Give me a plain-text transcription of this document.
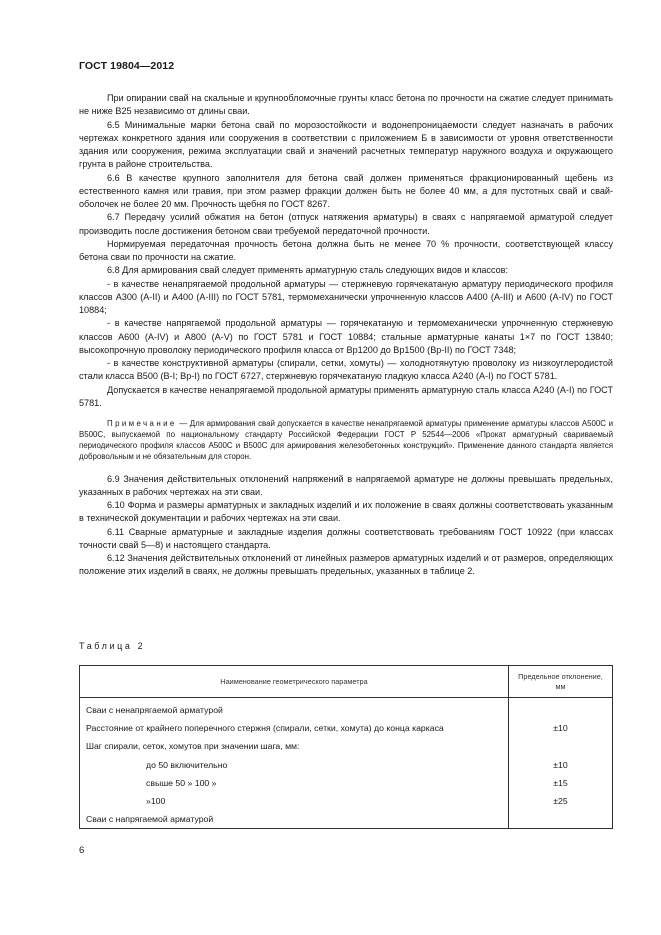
ГОСТ 19804—2012

При опирании свай на скальные и крупнообломочные грунты класс бетона по прочности на сжатие следует принимать не ниже В25 независимо от длины сваи.

6.5 Минимальные марки бетона свай по морозостойкости и водонепроницаемости следует назначать в рабочих чертежах конкретного здания или сооружения в соответствии с приложением Б в зависимости от уровня ответственности здания или сооружения, режима эксплуатации свай и значений расчетных температур наружного воздуха и окружающего грунта в районе строительства.

6.6 В качестве крупного заполнителя для бетона свай должен применяться фракционированный щебень из естественного камня или гравия, при этом размер фракции должен быть не более 40 мм, а для пустотных свай и свай-оболочек не более 20 мм. Прочность щебня по ГОСТ 8267.

6.7 Передачу усилий обжатия на бетон (отпуск натяжения арматуры) в сваях с напрягаемой арматурой следует производить после достижения бетоном сваи требуемой передаточной прочности.

Нормируемая передаточная прочность бетона должна быть не менее 70 % прочности, соответствующей классу бетона сваи по прочности на сжатие.

6.8 Для армирования свай следует применять арматурную сталь следующих видов и классов:

- в качестве ненапрягаемой продольной арматуры — стержневую горячекатаную арматуру периодического профиля классов А300 (А-II) и А400 (А-III) по ГОСТ 5781, термомеханически упрочненную классов А400 (А-III) и А600 (А-IV) по ГОСТ 10884;

- в качестве напрягаемой продольной арматуры — горячекатаную и термомеханически упрочненную стержневую классов А600 (А-IV) и А800 (А-V) по ГОСТ 5781 и ГОСТ 10884; стальные арматурные канаты 1×7 по ГОСТ 13840; высокопрочную проволоку периодического профиля класса от Вр1200 до Вр1500 (Вр-II) по ГОСТ 7348;

- в качестве конструктивной арматуры (спирали, сетки, хомуты) — холоднотянутую проволоку из низкоуглеродистой стали класса В500 (В-I; Вр-I) по ГОСТ 6727, стержневую горячекатаную гладкую класса А240 (А-I) по ГОСТ 5781.

Допускается в качестве ненапрягаемой продольной арматуры применять арматурную сталь класса А240 (А-I) по ГОСТ 5781.

Примечание — Для армирования свай допускается в качестве ненапрягаемой арматуры применение арматуры классов А500С и В500С, выпускаемой по национальному стандарту Российской Федерации ГОСТ Р 52544—2006 «Прокат арматурный свариваемый периодического профиля классов А500С и В500С для армирования железобетонных конструкций». Применение данного стандарта является добровольным и не обязательным для сторон.

6.9 Значения действительных отклонений напряжений в напрягаемой арматуре не должны превышать предельных, указанных в рабочих чертежах на эти сваи.

6.10 Форма и размеры арматурных и закладных изделий и их положение в сваях должны соответствовать указанным в технической документации и рабочих чертежах на эти сваи.

6.11 Сварные арматурные и закладные изделия должны соответствовать требованиям ГОСТ 10922 (при классах точности свай 5—8) и настоящего стандарта.

6.12 Значения действительных отклонений от линейных размеров арматурных изделий и от размеров, определяющих положение этих изделий в сваях, не должны превышать предельных, указанных в таблице 2.

Таблица 2
Наименование геометрического параметра	Предельное отклонение, мм

Сваи с ненапрягаемой арматурой	
Расстояние от крайнего поперечного стержня (спирали, сетки, хомута) до конца каркаса	±10
Шаг спирали, сеток, хомутов при значении шага, мм:	
до 50 включительно	±10
свыше 50 » 100 »	±15
»100	±25
Сваи с напрягаемой арматурой	
6
